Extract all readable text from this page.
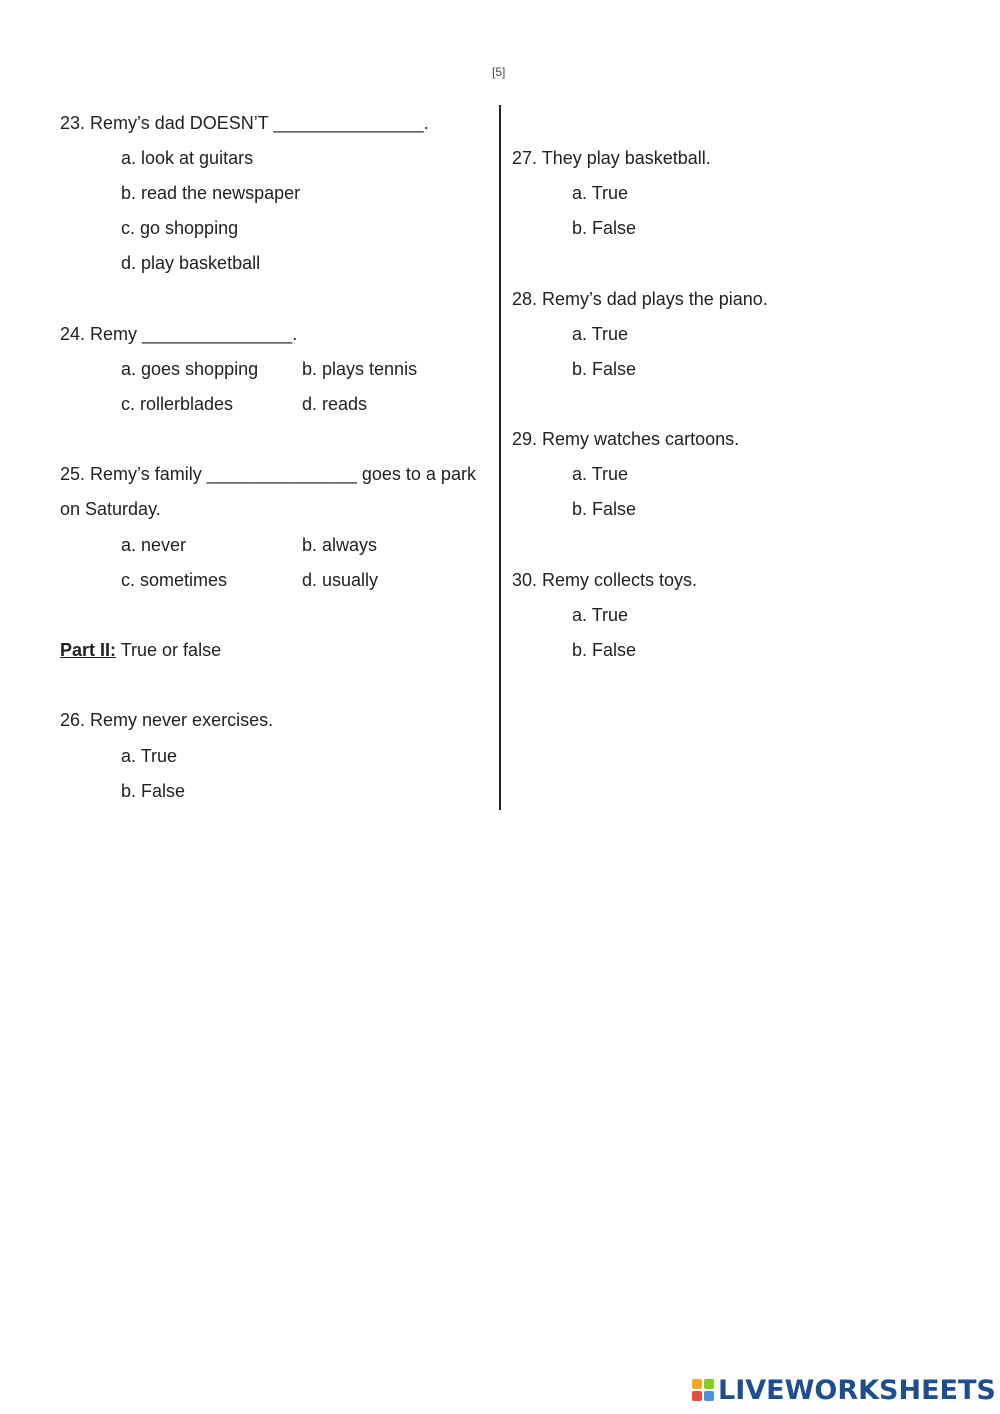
[5]
23. Remy’s dad DOESN’T _______________.
a. look at guitars
b. read the newspaper
c. go shopping
d. play basketball
24. Remy _______________.
a. goes shopping b. plays tennis
c. rollerblades	d. reads
25. Remy’s family _______________ goes to a park
on Saturday.
a. never	b. always
c. sometimes	d. usually
Part II: True or false
26. Remy never exercises.
a. True
b. False
27. They play basketball.
a. True
b. False
28. Remy’s dad plays the piano.
a. True
b. False
29. Remy watches cartoons.
a. True
b. False
30. Remy collects toys.
a. True
b. False
LIVEWORKSHEETS
